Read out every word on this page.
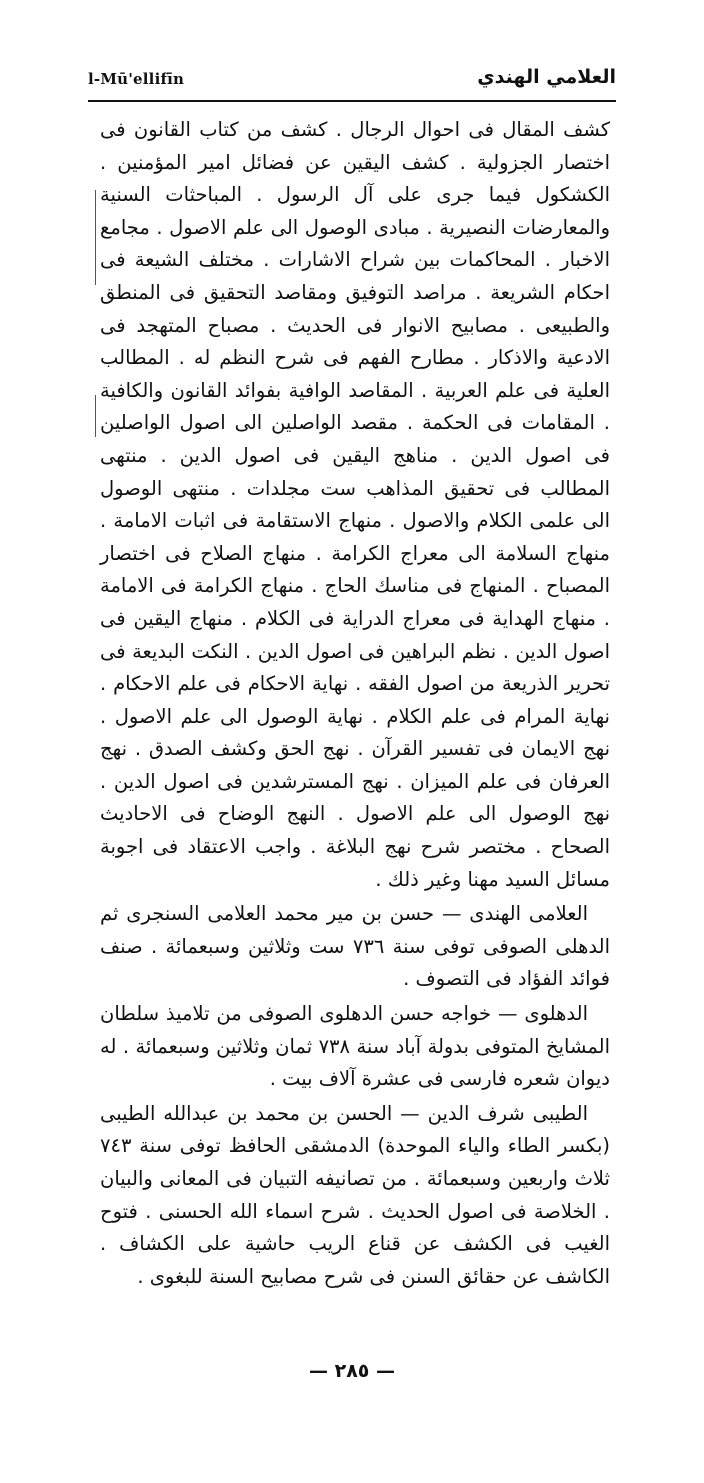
l-Mū'ellifīn	العلامي الهندي

كشف المقال فى احوال الرجال . كشف من كتاب القانون فى اختصار الجزولية . كشف اليقين عن فضائل امير المؤمنين . الكشكول فيما جرى على آل الرسول . المباحثات السنية والمعارضات النصيرية . مبادى الوصول الى علم الاصول . مجامع الاخبار . المحاكمات بين شراح الاشارات . مختلف الشيعة فى احكام الشريعة . مراصد التوفيق ومقاصد التحقيق فى المنطق والطبيعى . مصابيح الانوار فى الحديث . مصباح المتهجد فى الادعية والاذكار . مطارح الفهم فى شرح النظم له . المطالب العلية فى علم العربية . المقاصد الوافية بفوائد القانون والكافية . المقامات فى الحكمة . مقصد الواصلين الى اصول الواصلين فى اصول الدين . مناهج اليقين فى اصول الدين . منتهى المطالب فى تحقيق المذاهب ست مجلدات . منتهى الوصول الى علمى الكلام والاصول . منهاج الاستقامة فى اثبات الامامة . منهاج السلامة الى معراج الكرامة . منهاج الصلاح فى اختصار المصباح . المنهاج فى مناسك الحاج . منهاج الكرامة فى الامامة . منهاج الهداية فى معراج الدراية فى الكلام . منهاج اليقين فى اصول الدين . نظم البراهين فى اصول الدين . النكت البديعة فى تحرير الذريعة من اصول الفقه . نهاية الاحكام فى علم الاحكام . نهاية المرام فى علم الكلام . نهاية الوصول الى علم الاصول . نهج الايمان فى تفسير القرآن . نهج الحق وكشف الصدق . نهج العرفان فى علم الميزان . نهج المسترشدين فى اصول الدين . نهج الوصول الى علم الاصول . النهج الوضاح فى الاحاديث الصحاح . مختصر شرح نهج البلاغة . واجب الاعتقاد فى اجوبة مسائل السيد مهنا وغير ذلك .

العلامى الهندى — حسن بن مير محمد العلامى السنجرى ثم الدهلى الصوفى توفى سنة ٧٣٦ ست وثلاثين وسبعمائة . صنف فوائد الفؤاد فى التصوف .

الدهلوى — خواجه حسن الدهلوى الصوفى من تلاميذ سلطان المشايخ المتوفى بدولة آباد سنة ٧٣٨ ثمان وثلاثين وسبعمائة . له ديوان شعره فارسى فى عشرة آلاف بيت .

الطيبى شرف الدين — الحسن بن محمد بن عبدالله الطيبى (بكسر الطاء والياء الموحدة) الدمشقى الحافظ توفى سنة ٧٤٣ ثلاث واربعين وسبعمائة . من تصانيفه التبيان فى المعانى والبيان . الخلاصة فى اصول الحديث . شرح اسماء الله الحسنى . فتوح الغيب فى الكشف عن قناع الريب حاشية على الكشاف . الكاشف عن حقائق السنن فى شرح مصابيح السنة للبغوى .

— ٢٨٥ —
